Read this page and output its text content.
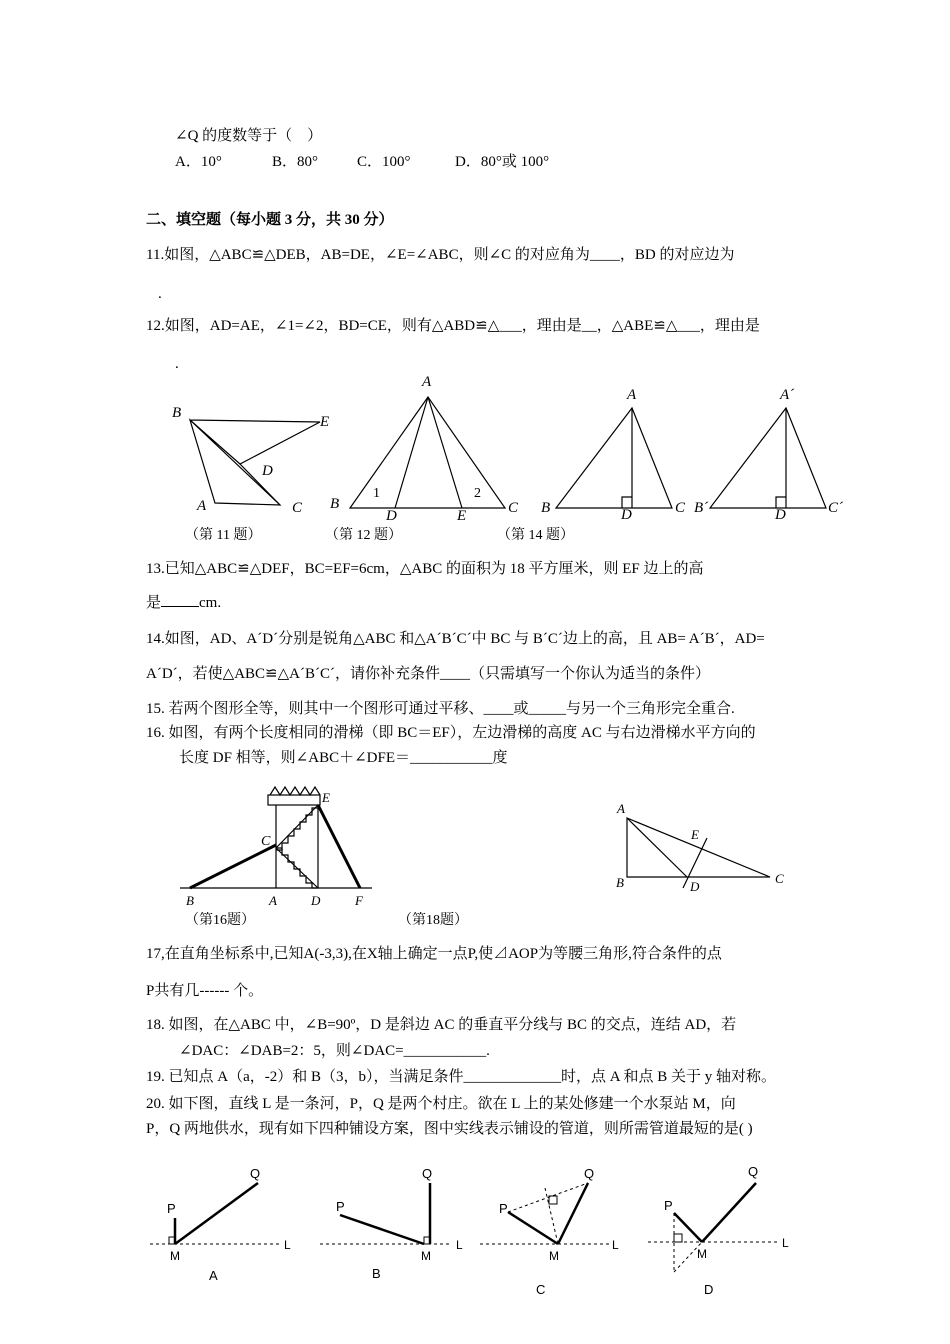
∠Q 的度数等于（　）
A．10°	B．80°	C．100°	D．80°或 100°
二、填空题（每小题 3 分，共 30 分）
11.如图，△ABC≌△DEB，AB=DE，∠E=∠ABC，则∠C 的对应角为____，BD 的对应边为
.
12.如图，AD=AE，∠1=∠2，BD=CE，则有△ABD≌△___，理由是__，△ABE≌△___，理由是
.
B
E
D
A	C
A
B
1	2
C
D	E
A
B	D	C
A´
B´	D	C´
（第 11 题）	（第 12 题）	（第 14 题）
13.已知△ABC≌△DEF，BC=EF=6cm，△ABC 的面积为 18 平方厘米，则 EF 边上的高
是	cm.
14.如图，AD、A´D´分别是锐角△ABC 和△A´B´C´中 BC 与 B´C´边上的高，且 AB= A´B´，AD=
A´D´，若使△ABC≌△A´B´C´，请你补充条件____（只需填写一个你认为适当的条件）
15. 若两个图形全等，则其中一个图形可通过平移、____或_____与另一个三角形完全重合.
16. 如图，有两个长度相同的滑梯（即 BC＝EF），左边滑梯的高度 AC 与右边滑梯水平方向的
长度 DF 相等，则∠ABC＋∠DFE＝___________度
E
C
B	A	D	F
A
E
B	D
C
（第16题）	（第18题）
17,在直角坐标系中,已知A(-3,3),在X轴上确定一点P,使⊿AOP为等腰三角形,符合条件的点
P共有几------ 个。
18. 如图，在△ABC 中，∠B=90º，D 是斜边 AC 的垂直平分线与 BC 的交点，连结 AD，若
∠DAC：∠DAB=2：5，则∠DAC=___________.
19. 已知点 A（a，-2）和 B（3，b），当满足条件_____________时，点 A 和点 B 关于 y 轴对称。
20. 如下图，直线 L 是一条河，P，Q 是两个村庄。欲在 L 上的某处修建一个水泵站 M，向
P，Q 两地供水，现有如下四种铺设方案，图中实线表示铺设的管道，则所需管道最短的是( )
P
Q
M
L
A
P
Q
M
L
B
P
Q
M
L
C
P
Q
M
L
D
